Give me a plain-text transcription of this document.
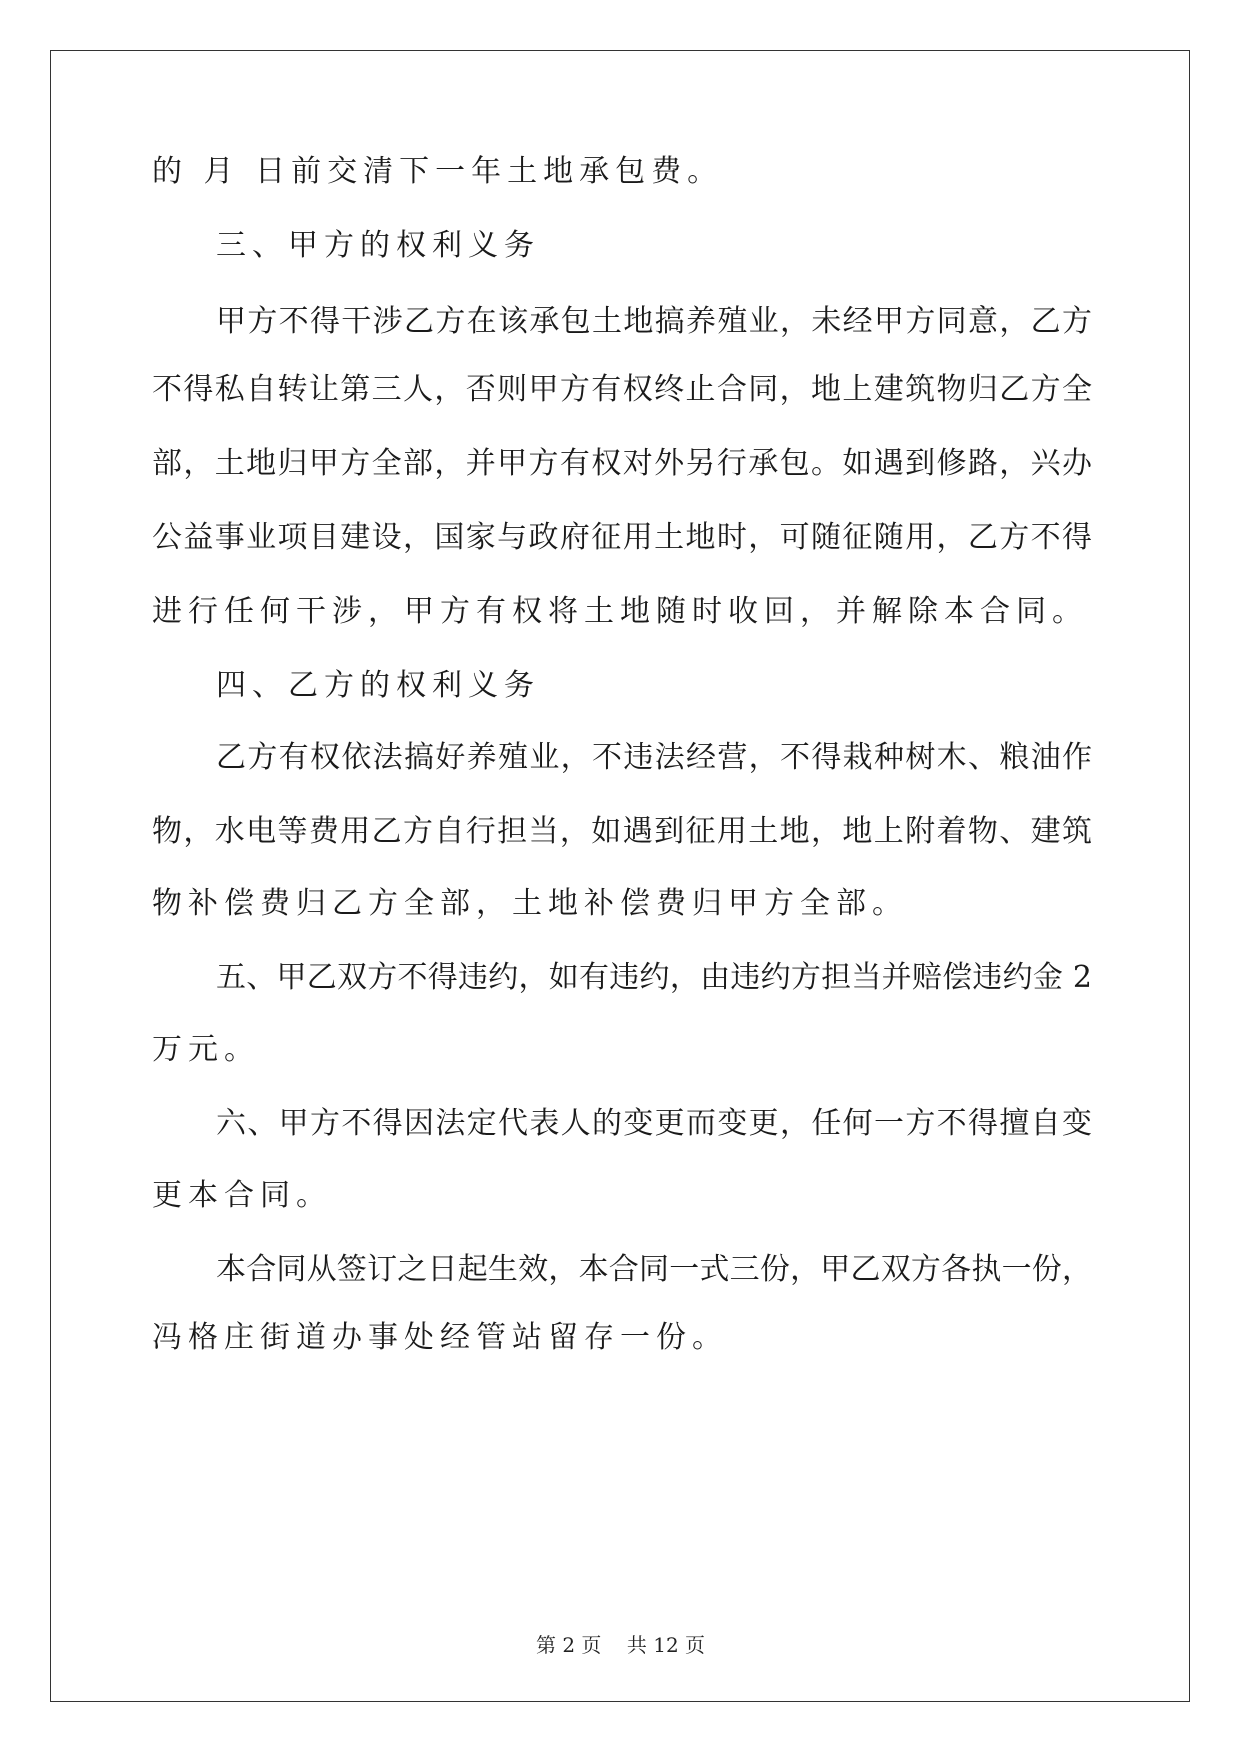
的 月 日前交清下一年土地承包费。
三、甲方的权利义务
甲方不得干涉乙方在该承包土地搞养殖业，未经甲方同意，乙方
不得私自转让第三人，否则甲方有权终止合同，地上建筑物归乙方全
部，土地归甲方全部，并甲方有权对外另行承包。如遇到修路，兴办
公益事业项目建设，国家与政府征用土地时，可随征随用，乙方不得
进行任何干涉，甲方有权将土地随时收回，并解除本合同。
四、乙方的权利义务
乙方有权依法搞好养殖业，不违法经营，不得栽种树木、粮油作
物，水电等费用乙方自行担当，如遇到征用土地，地上附着物、建筑
物补偿费归乙方全部，土地补偿费归甲方全部。
五、甲乙双方不得违约，如有违约，由违约方担当并赔偿违约金 2
万元。
六、甲方不得因法定代表人的变更而变更，任何一方不得擅自变
更本合同。
本合同从签订之日起生效，本合同一式三份，甲乙双方各执一份，
冯格庄街道办事处经管站留存一份。
第 2 页 共 12 页
